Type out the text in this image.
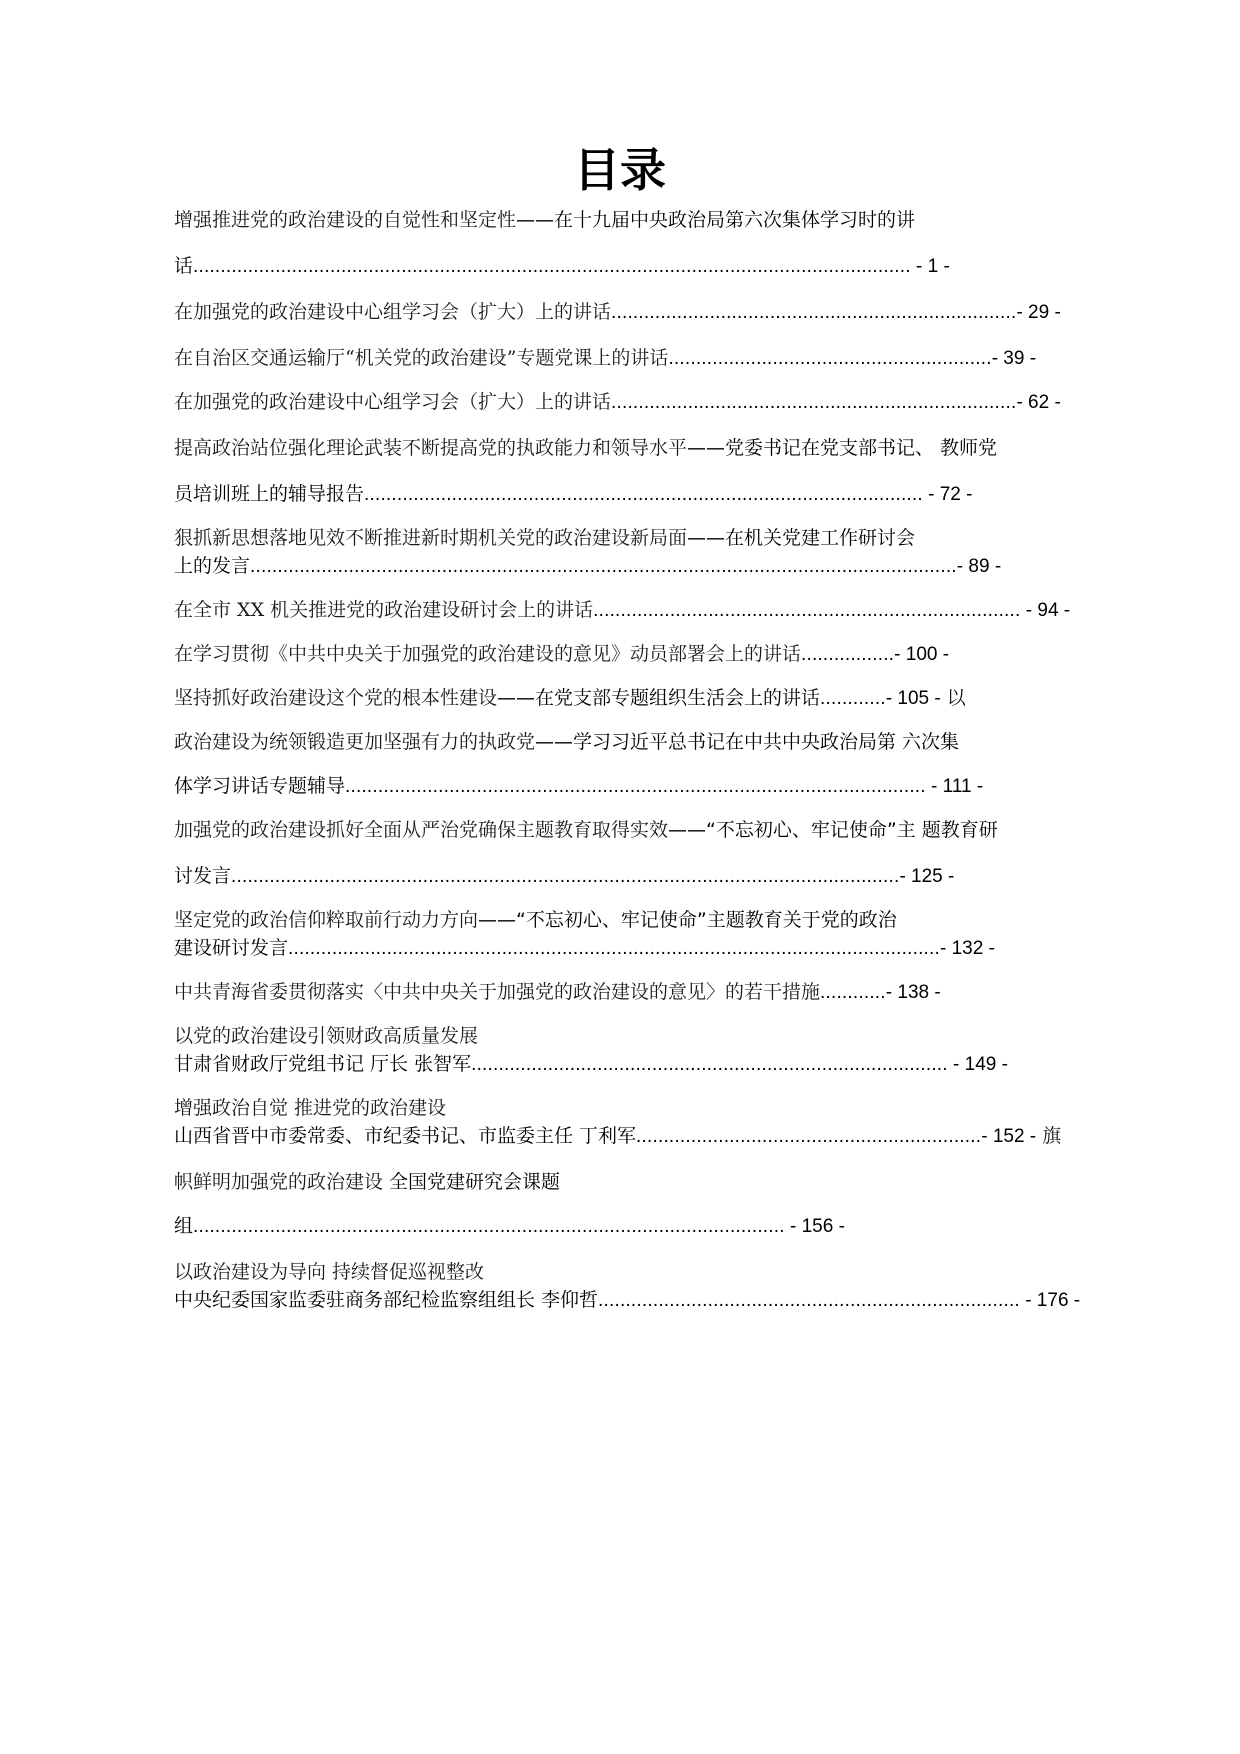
目录
增强推进党的政治建设的自觉性和坚定性——在十九届中央政治局第六次集体学习时的讲
话................................................................................................................................... - 1 -
在加强党的政治建设中心组学习会（扩大）上的讲话..........................................................................- 29 -
在自治区交通运输厅“机关党的政治建设”专题党课上的讲话...........................................................- 39 -
在加强党的政治建设中心组学习会（扩大）上的讲话..........................................................................- 62 -
提高政治站位强化理论武装不断提高党的执政能力和领导水平——党委书记在党支部书记、 教师党
员培训班上的辅导报告...................................................................................................... - 72 -
狠抓新思想落地见效不断推进新时期机关党的政治建设新局面——在机关党建工作研讨会
上的发言.................................................................................................................................- 89 -
在全市 XX 机关推进党的政治建设研讨会上的讲话.............................................................................. - 94 -
在学习贯彻《中共中央关于加强党的政治建设的意见》动员部署会上的讲话.................- 100 -
坚持抓好政治建设这个党的根本性建设——在党支部专题组织生活会上的讲话............- 105 - 以
政治建设为统领锻造更加坚强有力的执政党——学习习近平总书记在中共中央政治局第 六次集
体学习讲话专题辅导.......................................................................................................... - 111 -
加强党的政治建设抓好全面从严治党确保主题教育取得实效——“不忘初心、牢记使命”主 题教育研
讨发言..........................................................................................................................- 125 -
坚定党的政治信仰粹取前行动力方向——“不忘初心、牢记使命”主题教育关于党的政治
建设研讨发言.......................................................................................................................- 132 -
中共青海省委贯彻落实〈中共中央关于加强党的政治建设的意见〉的若干措施............- 138 -
以党的政治建设引领财政高质量发展
甘肃省财政厅党组书记 厅长 张智军....................................................................................... - 149 -
增强政治自觉 推进党的政治建设
山西省晋中市委常委、市纪委书记、市监委主任 丁利军...............................................................- 152 - 旗
帜鲜明加强党的政治建设 全国党建研究会课题
组............................................................................................................ - 156 -
以政治建设为导向 持续督促巡视整改
中央纪委国家监委驻商务部纪检监察组组长 李仰哲............................................................................. - 176 -
